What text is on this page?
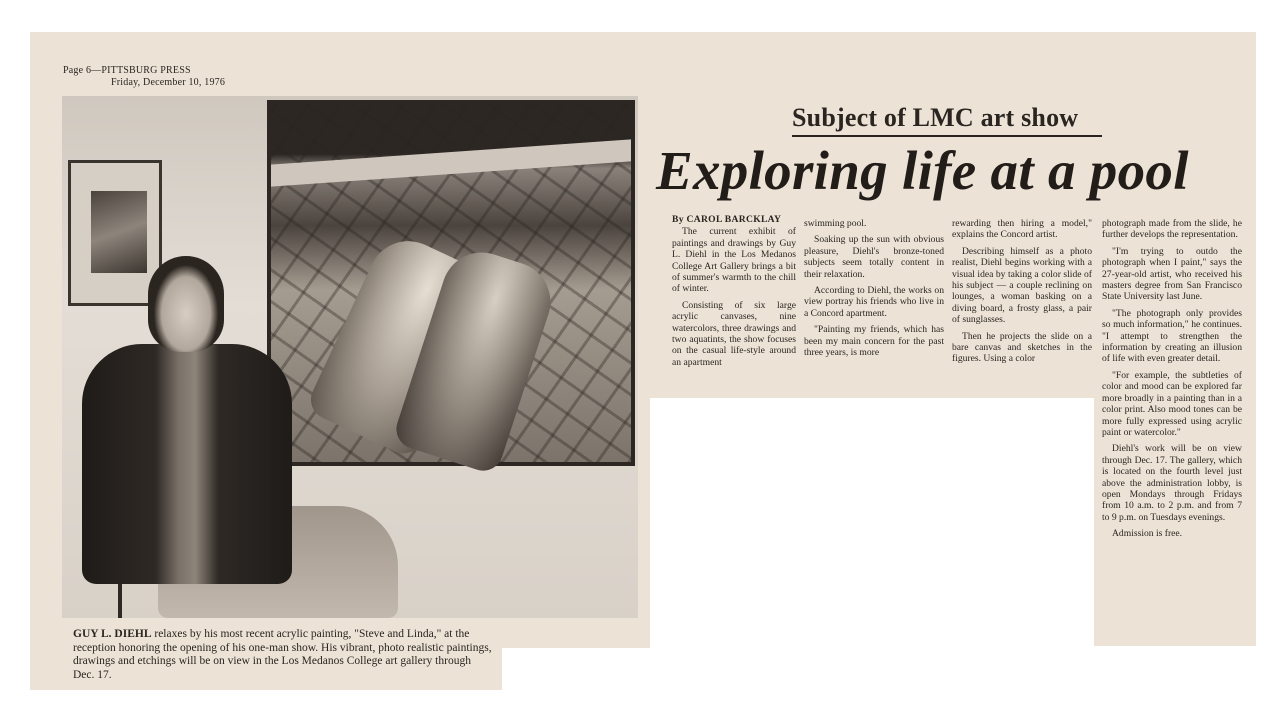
Page 6—PITTSBURG PRESS
Friday, December 10, 1976
GUY L. DIEHL relaxes by his most recent acrylic painting, "Steve and Linda," at the reception honoring the opening of his one-man show. His vibrant, photo realistic paintings, drawings and etchings will be on view in the Los Medanos College art gallery through Dec. 17.
Subject of LMC art show
Exploring life at a pool

By CAROL BARCKLAY

The current exhibit of paintings and drawings by Guy L. Diehl in the Los Medanos College Art Gallery brings a bit of summer's warmth to the chill of winter.

Consisting of six large acrylic canvases, nine watercolors, three drawings and two aquatints, the show focuses on the casual life-style around an apartment

swimming pool.

Soaking up the sun with obvious pleasure, Diehl's bronze-toned subjects seem totally content in their relaxation.

According to Diehl, the works on view portray his friends who live in a Concord apartment.

"Painting my friends, which has been my main concern for the past three years, is more

rewarding then hiring a model," explains the Concord artist.

Describing himself as a photo realist, Diehl begins working with a visual idea by taking a color slide of his subject — a couple reclining on lounges, a woman basking on a diving board, a frosty glass, a pair of sunglasses.

Then he projects the slide on a bare canvas and sketches in the figures. Using a color

photograph made from the slide, he further develops the representation.

"I'm trying to outdo the photograph when I paint," says the 27-year-old artist, who received his masters degree from San Francisco State University last June.

"The photograph only provides so much information," he continues. "I attempt to strengthen the information by creating an illusion of life with even greater detail.

"For example, the subtleties of color and mood can be explored far more broadly in a painting than in a color print. Also mood tones can be more fully expressed using acrylic paint or watercolor."

Diehl's work will be on view through Dec. 17. The gallery, which is located on the fourth level just above the administration lobby, is open Mondays through Fridays from 10 a.m. to 2 p.m. and from 7 to 9 p.m. on Tuesdays evenings.

Admission is free.
